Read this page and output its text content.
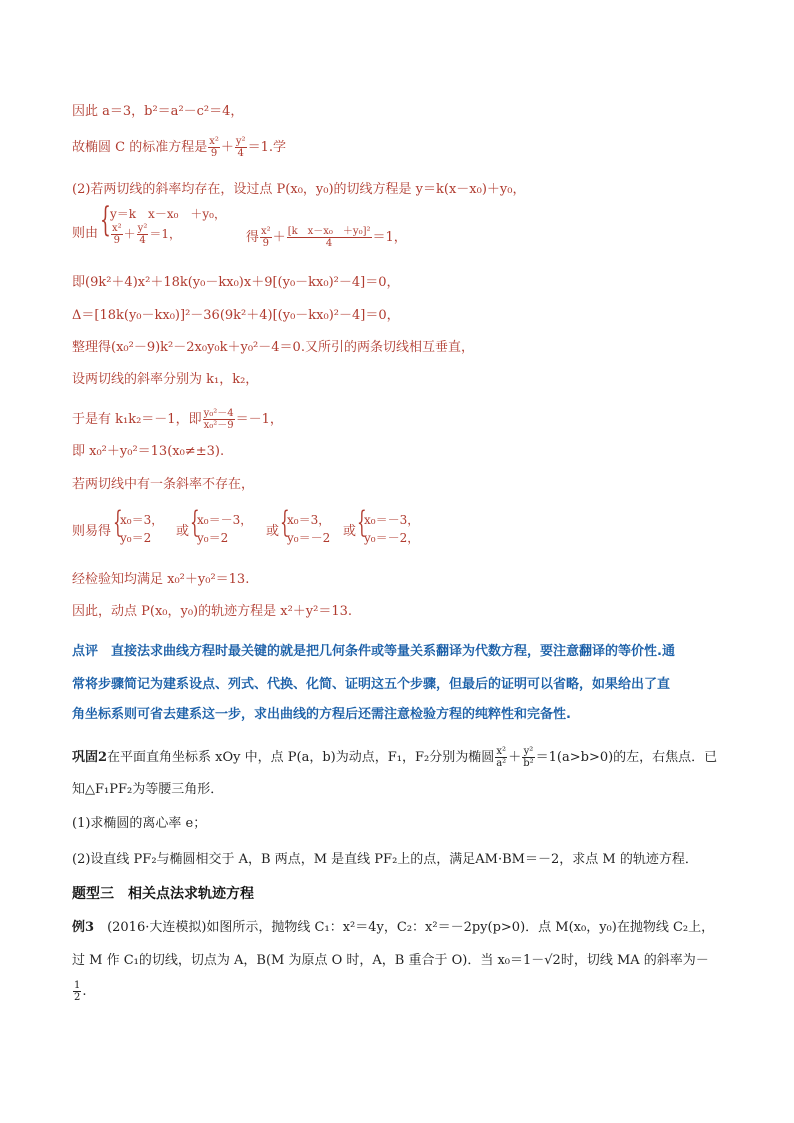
因此 a＝3，b²＝a²－c²＝4，
故椭圆 C 的标准方程是 $\frac{\text{x²}}{9} + \frac{\text{y²}}{4} =1$.学
(2)若两切线的斜率均存在，设过点 P(x₀，y₀)的切线方程是 y＝k(x－x₀)＋y₀，
则由 { y＝k　x－x₀　＋y₀，
$\frac{\text{x²}}{9} + \frac{\text{y²}}{4} =1$，	得 $\frac{\text{x²}}{9} + \frac{\text{[k　x－x₀　＋y₀]²}}{4} =1$，
即(9k²＋4)x²＋18k(y₀－kx₀)x＋9[(y₀－kx₀)²－4]＝0，
Δ＝[18k(y₀－kx₀)]²－36(9k²＋4)[(y₀－kx₀)²－4]＝0，
整理得(x₀²－9)k²－2x₀y₀k＋y₀²－4＝0.又所引的两条切线相互垂直，
设两切线的斜率分别为 k₁，k₂，
于是有 k₁k₂＝－1，即 $\frac{\text{y₀²－4}}{\text{x₀²－9}} =-1$，
即 x₀²＋y₀²＝13(x₀≠±3).
若两切线中有一条斜率不存在，
则易得 {
x₀＝3，
y₀＝2	或 {
x₀＝－3，
y₀＝2	或 {
x₀＝3，
y₀＝－2 或 {
x₀＝－3，
y₀＝－2，
经检验知均满足 x₀²＋y₀²＝13.
因此，动点 P(x₀，y₀)的轨迹方程是 x²＋y²＝13.
点评　 直接法求曲线方程时最关键的就是把几何条件或等量关系翻译为代数方程，要注意翻译的等价性.通
常将步骤简记为建系设点、列式、代换、化简、证明这五个步骤，但最后的证明可以省略，如果给出了直
角坐标系则可省去建系这一步，求出曲线的方程后还需注意检验方程的纯粹性和完备性.
巩固2在平面直角坐标系 xOy 中，点 P(a，b)为动点，F₁，F₂分别为椭圆 $\frac{\text{x²}}{\text{a²}} + \frac{\text{y²}}{\text{b²}} =1(a>b>0)$的左，右焦点．已
知△F₁PF₂为等腰三角形．
(1)求椭圆的离心率 e；
(2)设直线 PF₂与椭圆相交于 A，B 两点，M 是直线 PF₂上的点，满足AM·BM＝－2，求点 M 的轨迹方程．
题型三　相关点法求轨迹方程
例3　 (2016·大连模拟)如图所示，抛物线 C₁：x²＝4y，C₂：x²＝－2py(p>0)．点 M(x₀，y₀)在抛物线 C₂上，
过 M 作 C₁的切线，切点为 A，B(M 为原点 O 时，A，B 重合于 O)．当 x₀＝1－√2时，切线 MA 的斜率为－
$\frac{1}{2}$ .
